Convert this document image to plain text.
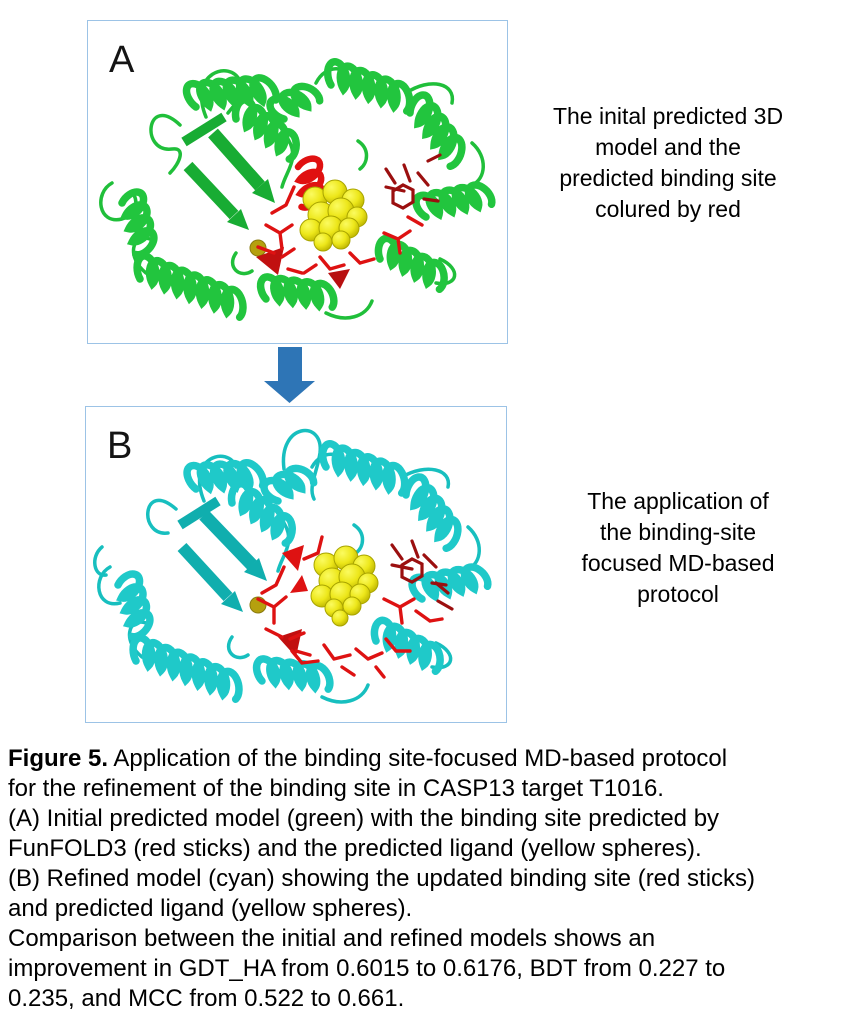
A
The inital predicted 3D
model and the
predicted binding site
colured by red
B
The application of
the binding-site
focused MD-based
protocol
Figure 5. Application of the binding site-focused MD-based protocol
for the refinement of the binding site in CASP13 target T1016.
(A) Initial predicted model (green) with the binding site predicted by
FunFOLD3 (red sticks) and the predicted ligand (yellow spheres).
(B) Refined model (cyan) showing the updated binding site (red sticks)
and predicted ligand (yellow spheres).
Comparison between the initial and refined models shows an
improvement in GDT_HA from 0.6015 to 0.6176, BDT from 0.227 to
0.235, and MCC from 0.522 to 0.661.
